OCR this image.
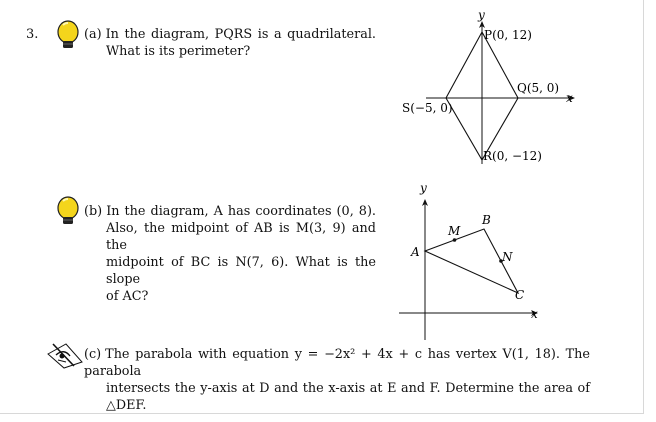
3.	(a) In the diagram, PQRS is a quadrilateral.
What is its perimeter?
y
x
P(0, 12)
Q(5, 0)
R(0, −12)
S(−5, 0)
(b) In the diagram, A has coordinates (0, 8).
Also, the midpoint of AB is M(3, 9) and the
midpoint of BC is N(7, 6). What is the slope
of AC?
y
x
A
M
B
N
C
(c) The parabola with equation y = −2x² + 4x + c has vertex V(1, 18). The parabola
intersects the y-axis at D and the x-axis at E and F. Determine the area of
△DEF.
